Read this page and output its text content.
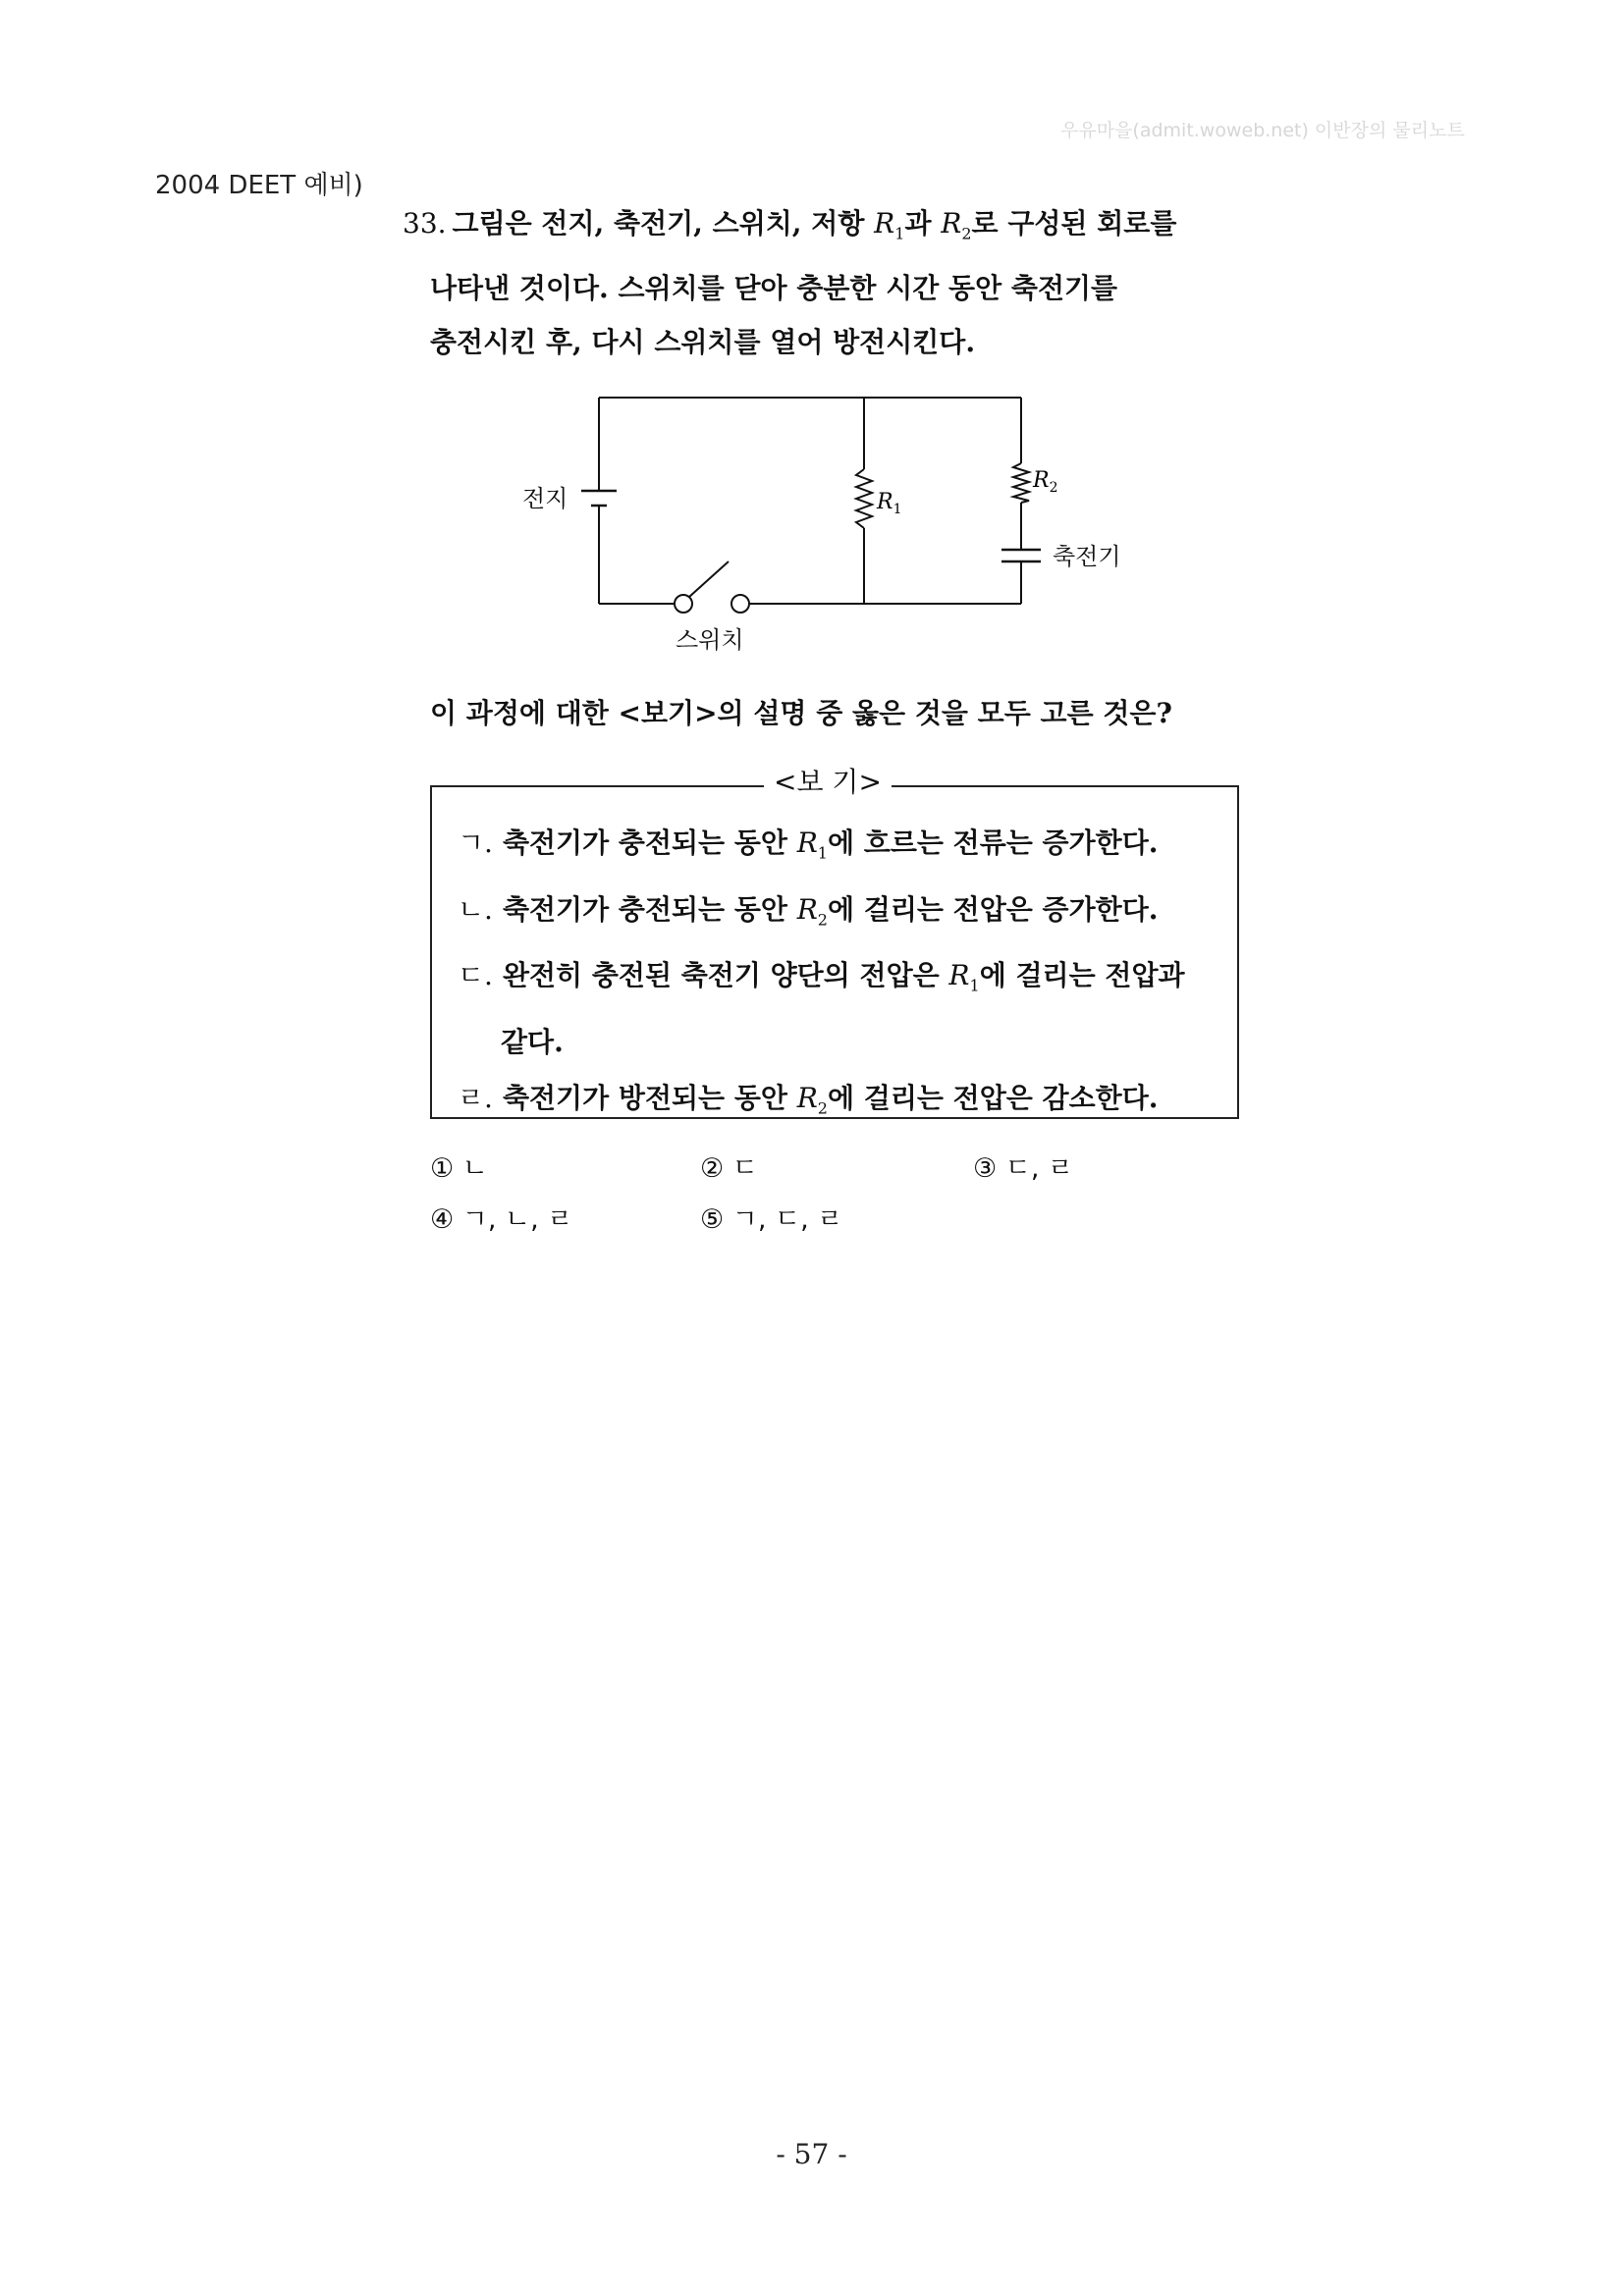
우유마을(admit.woweb.net) 이반장의 물리노트
2004 DEET 예비)
33. 그림은 전지, 축전기, 스위치, 저항 $R_1$과 $R_2$로 구성된 회로를
나타낸 것이다. 스위치를 닫아 충분한 시간 동안 축전기를
충전시킨 후, 다시 스위치를 열어 방전시킨다.
전지
스위치
축전기
$R_1$
$R_2$
이 과정에 대한 <보기>의 설명 중 옳은 것을 모두 고른 것은?
<보 기>
ㄱ. 축전기가 충전되는 동안 $R_1$에 흐르는 전류는 증가한다.
ㄴ. 축전기가 충전되는 동안 $R_2$에 걸리는 전압은 증가한다.
ㄷ. 완전히 충전된 축전기 양단의 전압은 $R_1$에 걸리는 전압과
같다.
ㄹ. 축전기가 방전되는 동안 $R_2$에 걸리는 전압은 감소한다.
① ㄴ	② ㄷ	③ ㄷ, ㄹ
④ ㄱ, ㄴ, ㄹ	⑤ ㄱ, ㄷ, ㄹ
- 57 -
